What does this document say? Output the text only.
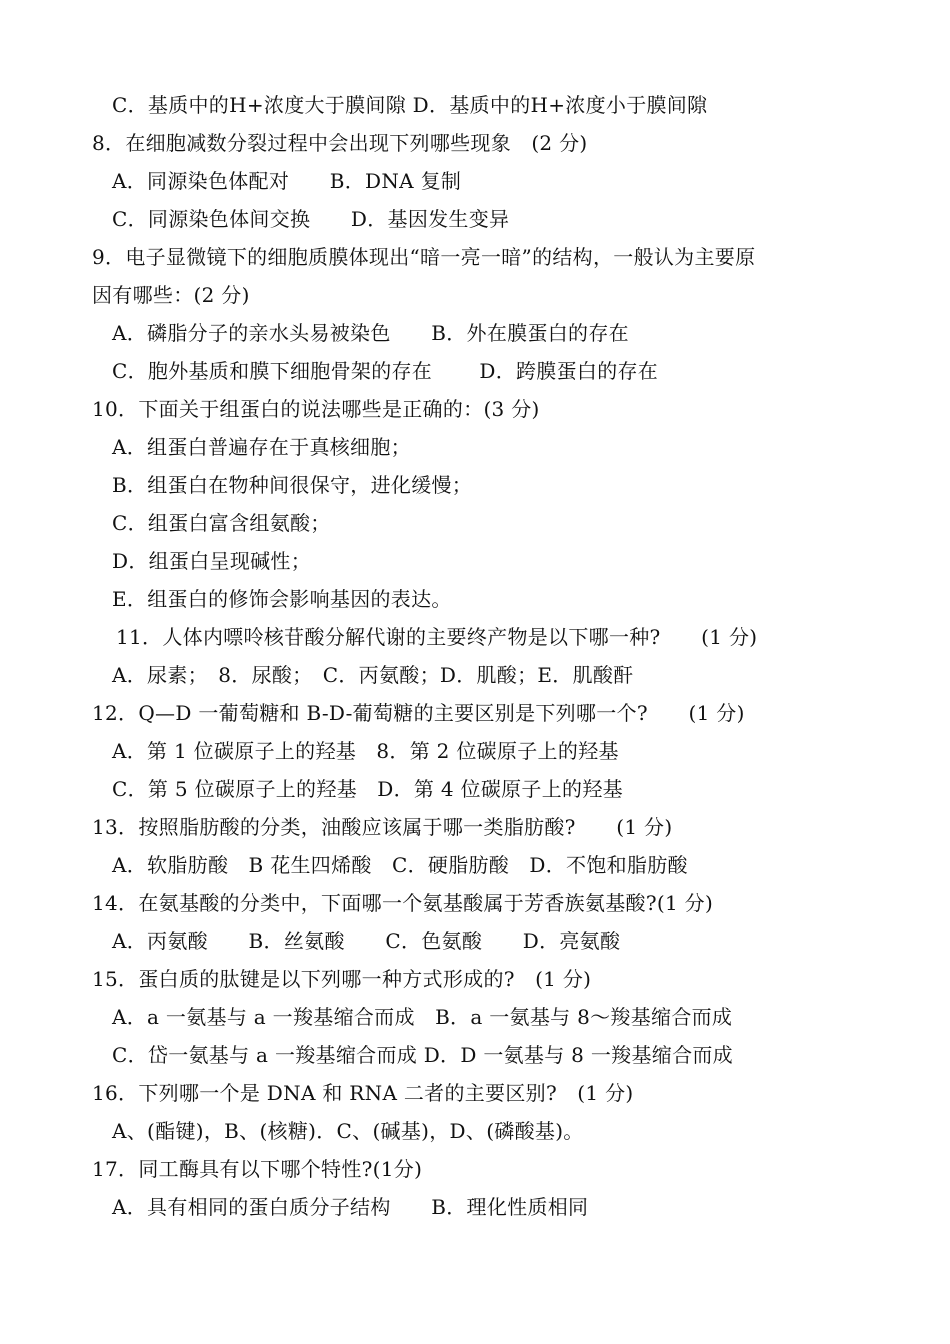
C．基质中的H+浓度大于膜间隙 D．基质中的H+浓度小于膜间隙
8．在细胞减数分裂过程中会出现下列哪些现象　(2 分)
A．同源染色体配对　　B．DNA 复制
C．同源染色体间交换　　D．基因发生变异
9．电子显微镜下的细胞质膜体现出“暗一亮一暗”的结构，一般认为主要原
因有哪些：(2 分)
A．磷脂分子的亲水头易被染色　　B．外在膜蛋白的存在
C．胞外基质和膜下细胞骨架的存在　　 D．跨膜蛋白的存在
10．下面关于组蛋白的说法哪些是正确的：(3 分)
A．组蛋白普遍存在于真核细胞；
B．组蛋白在物种间很保守，进化缓慢；
C．组蛋白富含组氨酸；
D．组蛋白呈现碱性；
E．组蛋白的修饰会影响基因的表达。
11．人体内嘌呤核苷酸分解代谢的主要终产物是以下哪一种?　　(1 分)
A．尿素；　8．尿酸；　C．丙氨酸；D．肌酸；E．肌酸酐
12．Q—D 一葡萄糖和 B-D-葡萄糖的主要区别是下列哪一个?　　(1 分)
A．第 1 位碳原子上的羟基　8．第 2 位碳原子上的羟基
C．第 5 位碳原子上的羟基　D．第 4 位碳原子上的羟基
13．按照脂肪酸的分类，油酸应该属于哪一类脂肪酸?　　(1 分)
A．软脂肪酸　B 花生四烯酸　C．硬脂肪酸　D．不饱和脂肪酸
14．在氨基酸的分类中，下面哪一个氨基酸属于芳香族氨基酸?(1 分)
A．丙氨酸　　B．丝氨酸　　C．色氨酸　　D．亮氨酸
15．蛋白质的肽键是以下列哪一种方式形成的?　(1 分)
A．a 一氨基与 a 一羧基缩合而成　B．a 一氨基与 8～羧基缩合而成
C．岱一氨基与 a 一羧基缩合而成 D．D 一氨基与 8 一羧基缩合而成
16．下列哪一个是 DNA 和 RNA 二者的主要区别?　(1 分)
A、(酯键)，B、(核糖)．C、(碱基)，D、(磷酸基)。
17．同工酶具有以下哪个特性?(1分)
A．具有相同的蛋白质分子结构　　B．理化性质相同
